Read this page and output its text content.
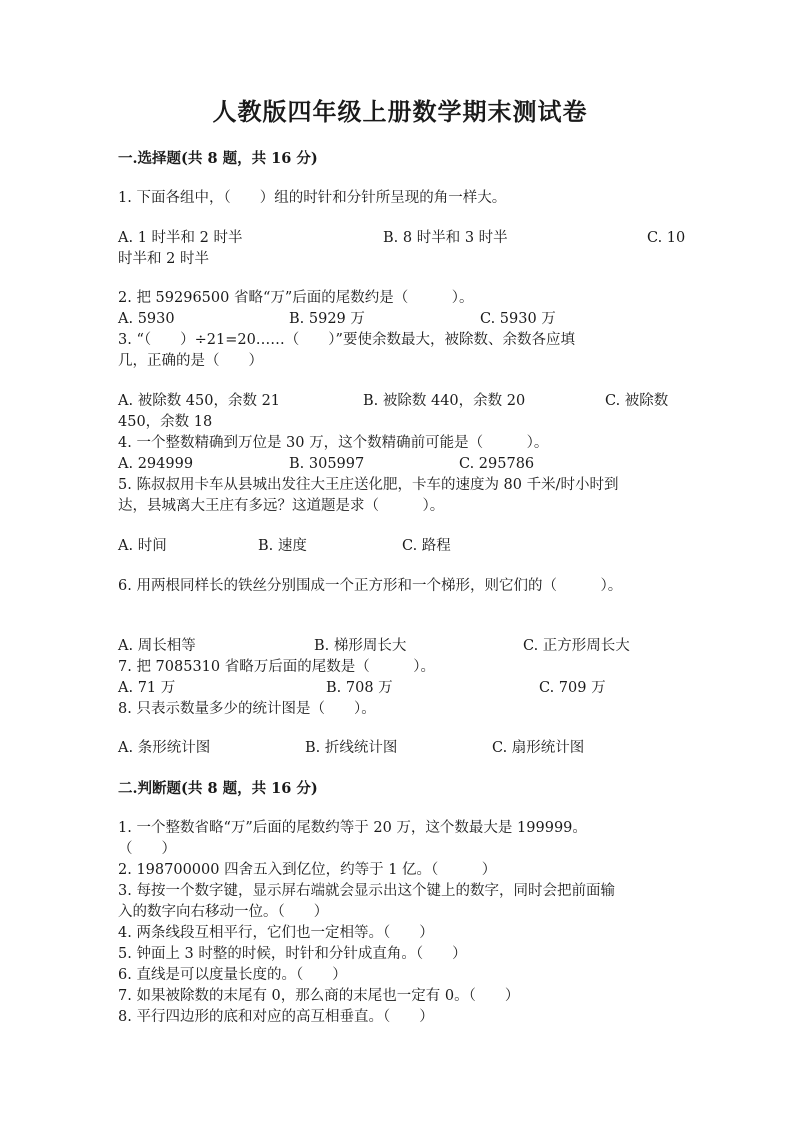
人教版四年级上册数学期末测试卷
一.选择题(共 8 题，共 16 分)
1. 下面各组中，（　　）组的时针和分针所呈现的角一样大。
A. 1 时半和 2 时半	B. 8 时半和 3 时半	C. 10
时半和 2 时半
2. 把 59296500 省略“万”后面的尾数约是（　　　）。
A. 5930	B. 5929 万	C. 5930 万
3. “（　　）÷21=20……（　　）”要使余数最大，被除数、余数各应填
几，正确的是（　　）
A. 被除数 450，余数 21	B. 被除数 440，余数 20	C. 被除数
450，余数 18
4. 一个整数精确到万位是 30 万，这个数精确前可能是（　　　）。
A. 294999	B. 305997	C. 295786
5. 陈叔叔用卡车从县城出发往大王庄送化肥，卡车的速度为 80 千米/时小时到
达，县城离大王庄有多远？这道题是求（　　　）。
A. 时间	B. 速度	C. 路程
6. 用两根同样长的铁丝分别围成一个正方形和一个梯形，则它们的（　　　）。
A. 周长相等	B. 梯形周长大	C. 正方形周长大
7. 把 7085310 省略万后面的尾数是（　　　）。
A. 71 万	B. 708 万	C. 709 万
8. 只表示数量多少的统计图是（　　）。
A. 条形统计图	B. 折线统计图	C. 扇形统计图
二.判断题(共 8 题，共 16 分)
1. 一个整数省略“万”后面的尾数约等于 20 万，这个数最大是 199999。
（　　）
2. 198700000 四舍五入到亿位，约等于 1 亿。（　　　）
3. 每按一个数字键，显示屏右端就会显示出这个键上的数字，同时会把前面输
入的数字向右移动一位。（　　）
4. 两条线段互相平行，它们也一定相等。（　　）
5. 钟面上 3 时整的时候，时针和分针成直角。（　　）
6. 直线是可以度量长度的。（　　）
7. 如果被除数的末尾有 0，那么商的末尾也一定有 0。（　　）
8. 平行四边形的底和对应的高互相垂直。（　　）
